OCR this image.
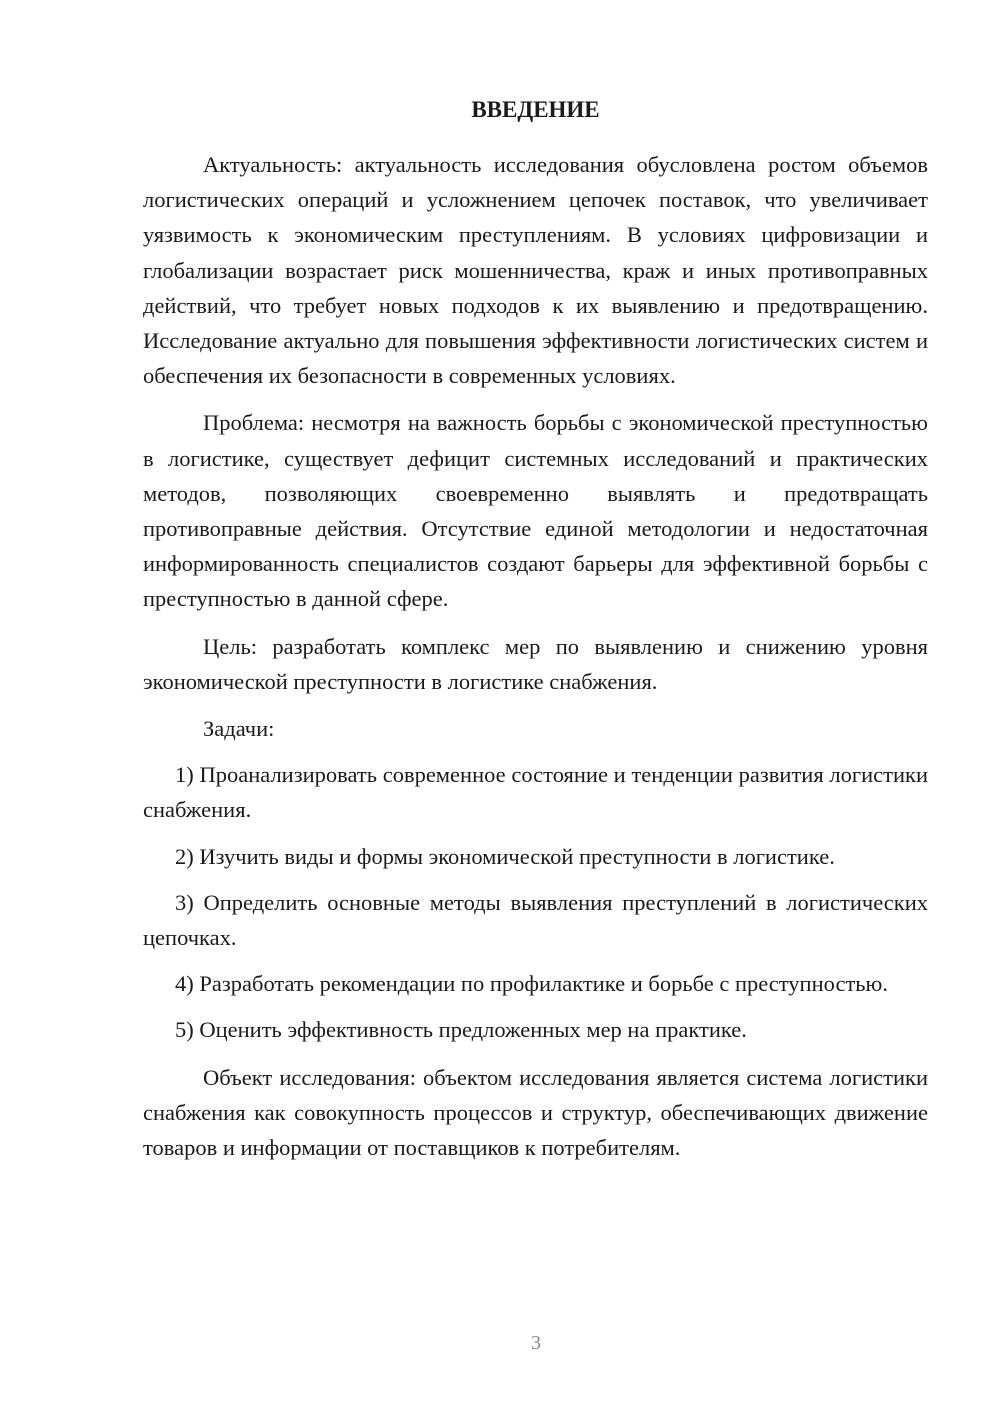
ВВЕДЕНИЕ

Актуальность: актуальность исследования обусловлена ростом объемов логистических операций и усложнением цепочек поставок, что увеличивает уязвимость к экономическим преступлениям. В условиях цифровизации и глобализации возрастает риск мошенничества, краж и иных противоправных действий, что требует новых подходов к их выявлению и предотвращению. Исследование актуально для повышения эффективности логистических систем и обеспечения их безопасности в современных условиях.

Проблема: несмотря на важность борьбы с экономической преступностью в логистике, существует дефицит системных исследований и практических методов, позволяющих своевременно выявлять и предотвращать противоправные действия. Отсутствие единой методологии и недостаточная информированность специалистов создают барьеры для эффективной борьбы с преступностью в данной сфере.

Цель: разработать комплекс мер по выявлению и снижению уровня экономической преступности в логистике снабжения.

Задачи:

1) Проанализировать современное состояние и тенденции развития логистики снабжения.

2) Изучить виды и формы экономической преступности в логистике.

3) Определить основные методы выявления преступлений в логистических цепочках.

4) Разработать рекомендации по профилактике и борьбе с преступностью.

5) Оценить эффективность предложенных мер на практике.

Объект исследования: объектом исследования является система логистики снабжения как совокупность процессов и структур, обеспечивающих движение товаров и информации от поставщиков к потребителям.

3
